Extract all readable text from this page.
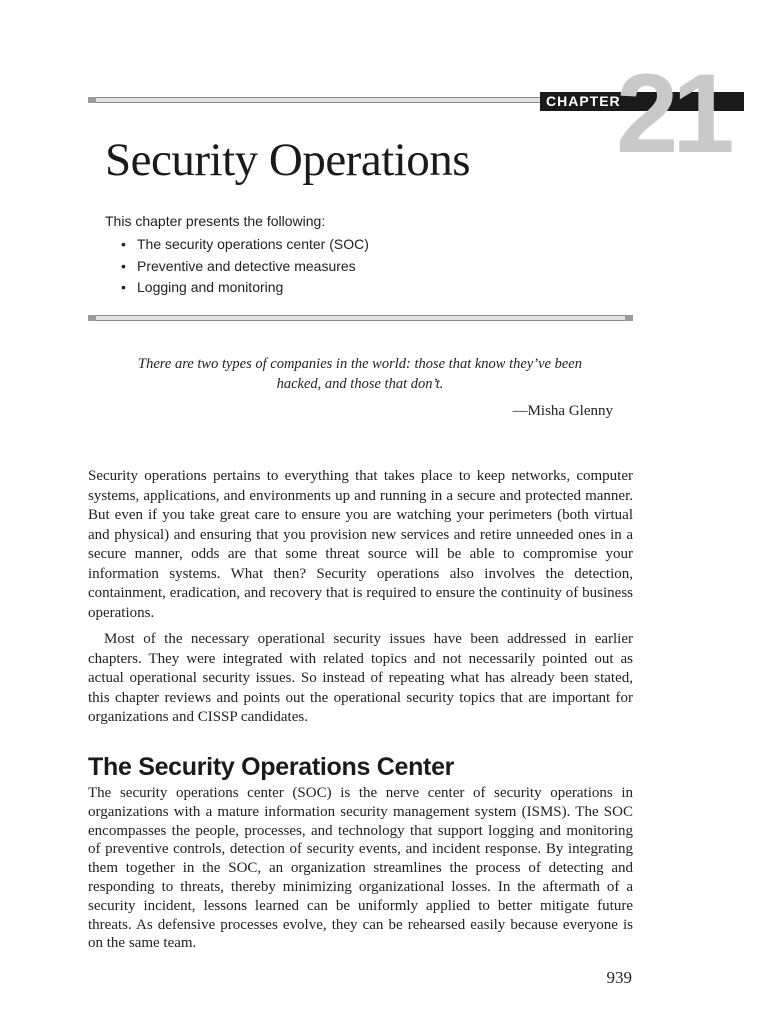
21
CHAPTER
Security Operations

This chapter presents the following:

• The security operations center (SOC)
• Preventive and detective measures
• Logging and monitoring

There are two types of companies in the world: those that know they’ve been hacked, and those that don’t.

—Misha Glenny

Security operations pertains to everything that takes place to keep networks, computer systems, applications, and environments up and running in a secure and protected manner. But even if you take great care to ensure you are watching your perimeters (both virtual and physical) and ensuring that you provision new services and retire unneeded ones in a secure manner, odds are that some threat source will be able to compromise your information systems. What then? Security operations also involves the detection, containment, eradication, and recovery that is required to ensure the continuity of business operations.

Most of the necessary operational security issues have been addressed in earlier chapters. They were integrated with related topics and not necessarily pointed out as actual operational security issues. So instead of repeating what has already been stated, this chapter reviews and points out the operational security topics that are important for organizations and CISSP candidates.

The Security Operations Center

The security operations center (SOC) is the nerve center of security operations in organizations with a mature information security management system (ISMS). The SOC encompasses the people, processes, and technology that support logging and monitoring of preventive controls, detection of security events, and incident response. By integrating them together in the SOC, an organization streamlines the process of detecting and responding to threats, thereby minimizing organizational losses. In the aftermath of a security incident, lessons learned can be uniformly applied to better mitigate future threats. As defensive processes evolve, they can be rehearsed easily because everyone is on the same team.

939
